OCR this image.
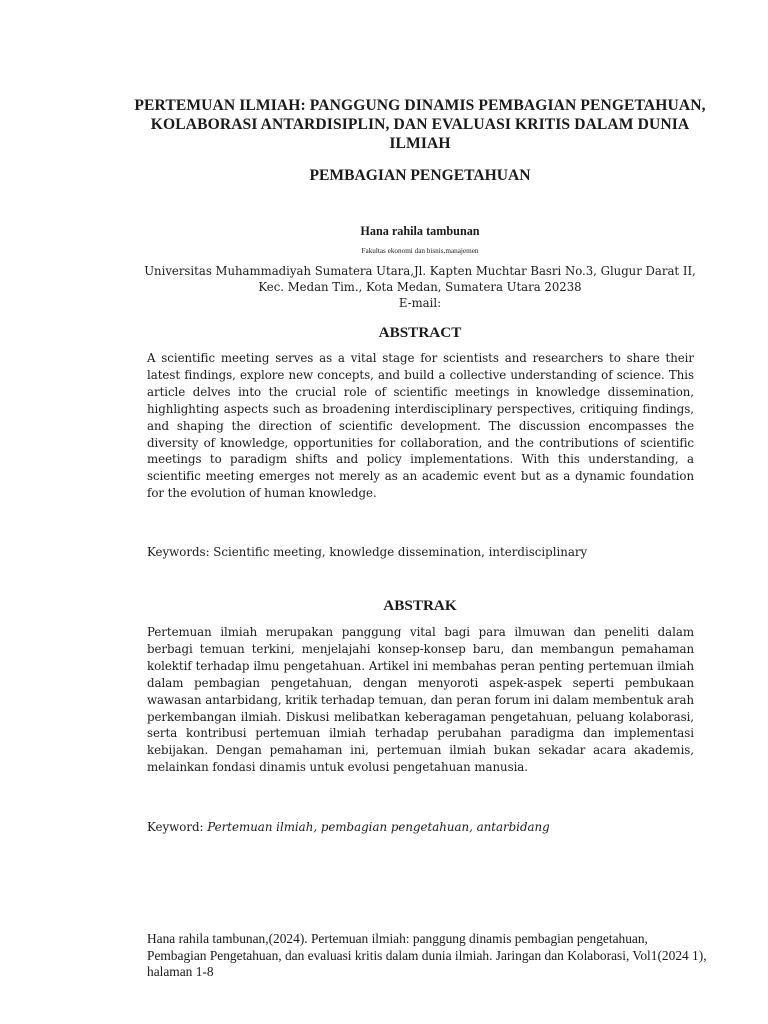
PERTEMUAN ILMIAH: PANGGUNG DINAMIS PEMBAGIAN PENGETAHUAN, KOLABORASI ANTARDISIPLIN, DAN EVALUASI KRITIS DALAM DUNIA ILMIAH
PEMBAGIAN PENGETAHUAN
Hana rahila tambunan
Fakultas ekonomi dan bisnis,manajemen
Universitas Muhammadiyah Sumatera Utara,Jl. Kapten Muchtar Basri No.3, Glugur Darat II, Kec. Medan Tim., Kota Medan, Sumatera Utara 20238
E-mail:
ABSTRACT
A scientific meeting serves as a vital stage for scientists and researchers to share their latest findings, explore new concepts, and build a collective understanding of science. This article delves into the crucial role of scientific meetings in knowledge dissemination, highlighting aspects such as broadening interdisciplinary perspectives, critiquing findings, and shaping the direction of scientific development. The discussion encompasses the diversity of knowledge, opportunities for collaboration, and the contributions of scientific meetings to paradigm shifts and policy implementations. With this understanding, a scientific meeting emerges not merely as an academic event but as a dynamic foundation for the evolution of human knowledge.
Keywords: Scientific meeting, knowledge dissemination, interdisciplinary
ABSTRAK
Pertemuan ilmiah merupakan panggung vital bagi para ilmuwan dan peneliti dalam berbagi temuan terkini, menjelajahi konsep-konsep baru, dan membangun pemahaman kolektif terhadap ilmu pengetahuan. Artikel ini membahas peran penting pertemuan ilmiah dalam pembagian pengetahuan, dengan menyoroti aspek-aspek seperti pembukaan wawasan antarbidang, kritik terhadap temuan, dan peran forum ini dalam membentuk arah perkembangan ilmiah. Diskusi melibatkan keberagaman pengetahuan, peluang kolaborasi, serta kontribusi pertemuan ilmiah terhadap perubahan paradigma dan implementasi kebijakan. Dengan pemahaman ini, pertemuan ilmiah bukan sekadar acara akademis, melainkan fondasi dinamis untuk evolusi pengetahuan manusia.
Keyword: Pertemuan ilmiah, pembagian pengetahuan, antarbidang
Hana rahila tambunan,(2024). Pertemuan ilmiah: panggung dinamis pembagian pengetahuan, Pembagian Pengetahuan, dan evaluasi kritis dalam dunia ilmiah. Jaringan dan Kolaborasi, Vol1(2024 1), halaman 1-8
